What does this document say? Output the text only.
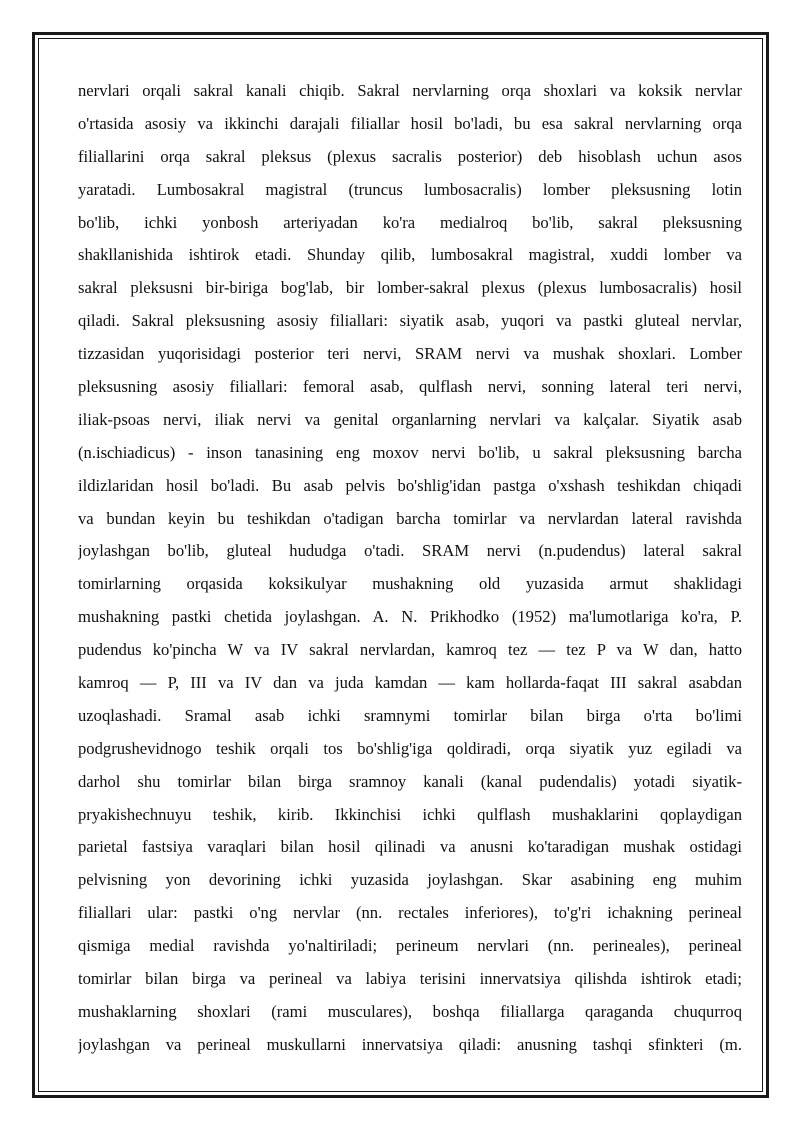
nervlari orqali sakral kanali chiqib. Sakral nervlarning orqa shoxlari va koksik nervlar
o'rtasida asosiy va ikkinchi darajali filiallar hosil bo'ladi, bu esa sakral nervlarning orqa
filiallarini orqa sakral pleksus (plexus sacralis posterior) deb hisoblash uchun asos
yaratadi. Lumbosakral magistral (truncus lumbosacralis) lomber pleksusning lotin
bo'lib, ichki yonbosh arteriyadan ko'ra medialroq bo'lib, sakral pleksusning
shakllanishida ishtirok etadi. Shunday qilib, lumbosakral magistral, xuddi lomber va
sakral pleksusni bir-biriga bog'lab, bir lomber-sakral plexus (plexus lumbosacralis) hosil
qiladi. Sakral pleksusning asosiy filiallari: siyatik asab, yuqori va pastki gluteal nervlar,
tizzasidan yuqorisidagi posterior teri nervi, SRAM nervi va mushak shoxlari. Lomber
pleksusning asosiy filiallari: femoral asab, qulflash nervi, sonning lateral teri nervi,
iliak-psoas nervi, iliak nervi va genital organlarning nervlari va kalçalar. Siyatik asab
(n.ischiadicus) - inson tanasining eng moxov nervi bo'lib, u sakral pleksusning barcha
ildizlaridan hosil bo'ladi. Bu asab pelvis bo'shlig'idan pastga o'xshash teshikdan chiqadi
va bundan keyin bu teshikdan o'tadigan barcha tomirlar va nervlardan lateral ravishda
joylashgan bo'lib, gluteal hududga o'tadi. SRAM nervi (n.pudendus) lateral sakral
tomirlarning orqasida koksikulyar mushakning old yuzasida armut shaklidagi
mushakning pastki chetida joylashgan. A. N. Prikhodko (1952) ma'lumotlariga ko'ra, P.
pudendus ko'pincha W va IV sakral nervlardan, kamroq tez — tez P va W dan, hatto
kamroq — P, III va IV dan va juda kamdan — kam hollarda-faqat III sakral asabdan
uzoqlashadi. Sramal asab ichki sramnymi tomirlar bilan birga o'rta bo'limi
podgrushevidnogo teshik orqali tos bo'shlig'iga qoldiradi, orqa siyatik yuz egiladi va
darhol shu tomirlar bilan birga sramnoy kanali (kanal pudendalis) yotadi siyatik-
pryakishechnuyu teshik, kirib. Ikkinchisi ichki qulflash mushaklarini qoplaydigan
parietal fastsiya varaqlari bilan hosil qilinadi va anusni ko'taradigan mushak ostidagi
pelvisning yon devorining ichki yuzasida joylashgan. Skar asabining eng muhim
filiallari ular: pastki o'ng nervlar (nn. rectales inferiores), to'g'ri ichakning perineal
qismiga medial ravishda yo'naltiriladi; perineum nervlari (nn. perineales), perineal
tomirlar bilan birga va perineal va labiya terisini innervatsiya qilishda ishtirok etadi;
mushaklarning shoxlari (rami musculares), boshqa filiallarga qaraganda chuqurroq
joylashgan va perineal muskullarni innervatsiya qiladi: anusning tashqi sfinkteri (m.
